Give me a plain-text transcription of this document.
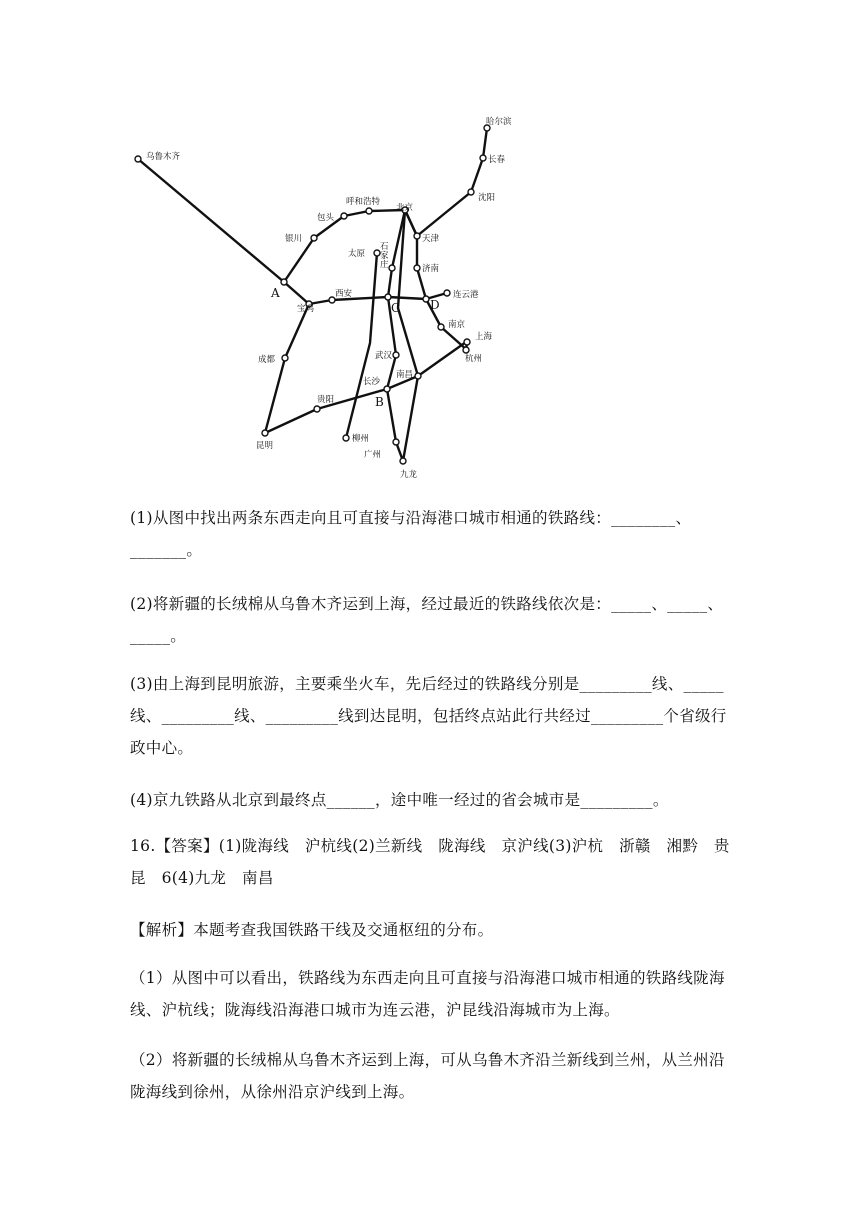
乌鲁木齐
哈尔滨
长春
沈阳
呼和浩特
包头
北京
银川
太原
石家庄
天津
济南
连云港
宝鸡
西安
南京
上海
杭州
成都	武汉
南昌
长沙
贵阳
昆明
柳州
广州
九龙
A
B
C D

(1)从图中找出两条东西走向且可直接与沿海港口城市相通的铁路线：________、_______。

(2)将新疆的长绒棉从乌鲁木齐运到上海，经过最近的铁路线依次是：_____、_____、_____。

(3)由上海到昆明旅游，主要乘坐火车，先后经过的铁路线分别是_________线、_____线、_________线、_________线到达昆明，包括终点站此行共经过_________个省级行政中心。

(4)京九铁路从北京到最终点______，途中唯一经过的省会城市是_________。

16.【答案】(1)陇海线　沪杭线(2)兰新线　陇海线　京沪线(3)沪杭　浙赣　湘黔　贵昆　6(4)九龙　南昌

【解析】本题考查我国铁路干线及交通枢纽的分布。

（1）从图中可以看出，铁路线为东西走向且可直接与沿海港口城市相通的铁路线陇海线、沪杭线；陇海线沿海港口城市为连云港，沪昆线沿海城市为上海。

（2）将新疆的长绒棉从乌鲁木齐运到上海，可从乌鲁木齐沿兰新线到兰州，从兰州沿陇海线到徐州，从徐州沿京沪线到上海。
